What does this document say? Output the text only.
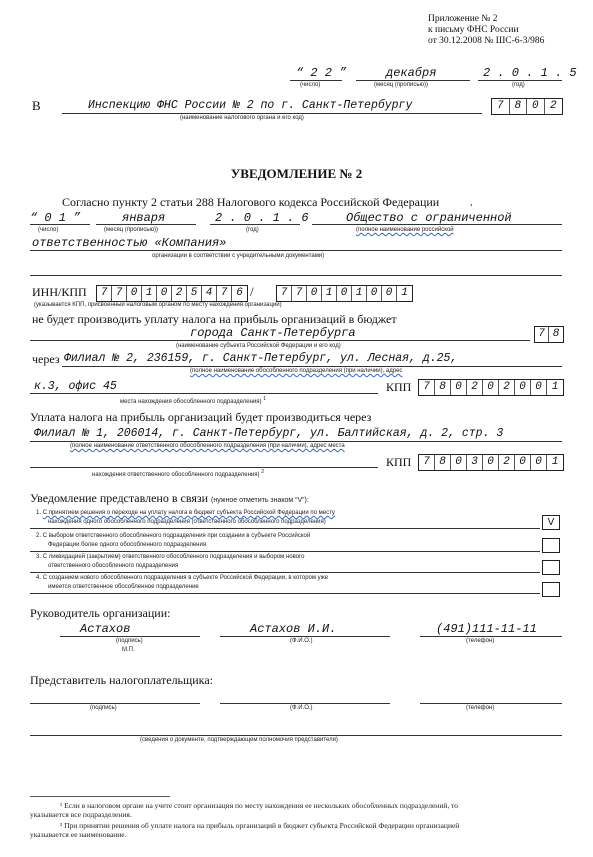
Приложение № 2
к письму ФНС России
от 30.12.2008 № ШС-6-3/986
“ 2 2 ”	декабря	2 . 0 . 1 . 5
(число)	(месяц (прописью))	(год)
В	Инспекцию ФНС России № 2 по г. Санкт-Петербургу	7 8 0	2
(наименование налогового органа и его код)
УВЕДОМЛЕНИЕ № 2
Согласно пункту 2 статьи 288 Налогового кодекса Российской Федерации	,
“ 0 1 ”	января	2 . 0 . 1 . 6	Общество с ограниченной
(число)	(месяц (прописью))	(год)	(полное наименование российской
ответственностью «Компания»
организации в соответствии с учредительными документами)
ИНН/КПП	7 7 0 1 0 2 5 4 7 6 /	7 7 0 1 0 1 0 0 1
(указывается КПП, присвоенный налоговым органом по месту нахождения организации)
не будет производить уплату налога на прибыль организаций в бюджет
города Санкт-Петербурга	7 8
(наименование субъекта Российской Федерации и его код)
через Филиал № 2, 236159, г. Санкт-Петербург, ул. Лесная, д.25,
(полное наименование обособленного подразделения (при наличии), адрес
к.3, офис 45	КПП	7 8 0 2 0 2 0 0 1
места нахождения обособленного подразделения) $^1$
Уплата налога на прибыль организаций будет производиться через
Филиал № 1, 206014, г. Санкт-Петербург, ул. Балтийская, д. 2, стр. 3
(полное наименование ответственного обособленного подразделения (при наличии), адрес места
КПП	7 8 0 3 0 2 0 0 1
нахождения ответственного обособленного подразделения) $^2$
Уведомление представлено в связи (нужное отметить знаком “V”):
1. С принятием решения о переходе на уплату налога в бюджет субъекта Российской Федерации по месту
нахождения одного обособленного подразделения (ответственного обособленного подразделения)	V
2. С выбором ответственного обособленного подразделения при создании в субъекте Российской
Федерации более одного обособленного подразделения
3. С ликвидацией (закрытием) ответственного обособленного подразделения и выбором нового
ответственного обособленного подразделения
4. С созданием нового обособленного подразделения в субъекте Российской Федерации, в котором уже
имеется ответственное обособленное подразделение
Руководитель организации:
Астахов	Астахов И.И.	(491)111-11-11
(подпись)	(Ф.И.О.)	(телефон)
М.П.
Представитель налогоплательщика:
(подпись)	(Ф.И.О.)	(телефон)
(сведения о документе, подтверждающем полномочия представителя)
¹ Если в налоговом органе на учете стоит организация по месту нахождения ее нескольких обособленных подразделений, то
указывается все подразделения.
² При принятии решения об уплате налога на прибыль организаций в бюджет субъекта Российской Федерации организацией
указывается ее наименование.
